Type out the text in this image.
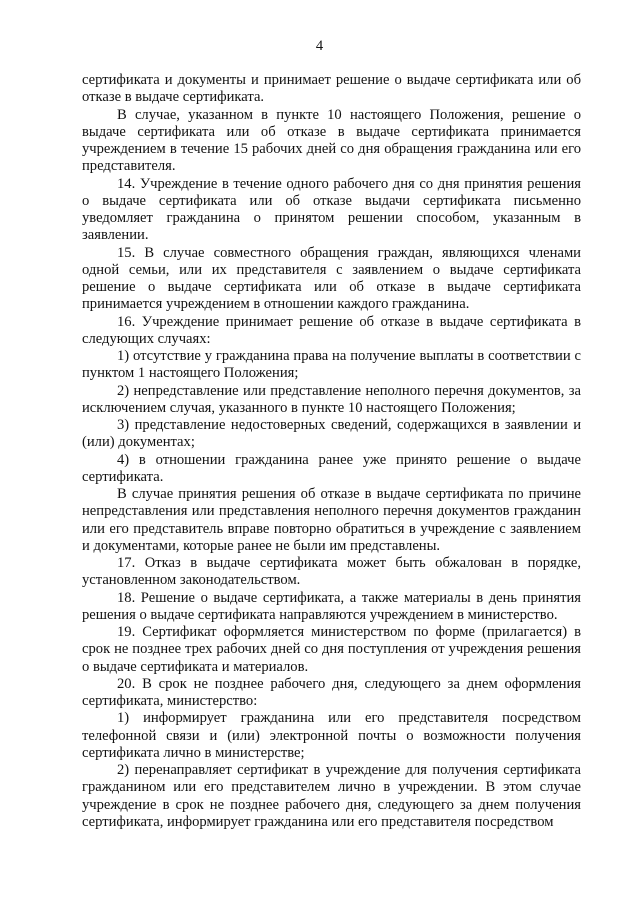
4

сертификата и документы и принимает решение о выдаче сертификата или об отказе в выдаче сертификата.

В случае, указанном в пункте 10 настоящего Положения, решение о выдаче сертификата или об отказе в выдаче сертификата принимается учреждением в течение 15 рабочих дней со дня обращения гражданина или его представителя.

14. Учреждение в течение одного рабочего дня со дня принятия решения о выдаче сертификата или об отказе выдачи сертификата письменно уведомляет гражданина о принятом решении способом, указанным в заявлении.

15. В случае совместного обращения граждан, являющихся членами одной семьи, или их представителя с заявлением о выдаче сертификата решение о выдаче сертификата или об отказе в выдаче сертификата принимается учреждением в отношении каждого гражданина.

16. Учреждение принимает решение об отказе в выдаче сертификата в следующих случаях:

1) отсутствие у гражданина права на получение выплаты в соответствии с пунктом 1 настоящего Положения;

2) непредставление или представление неполного перечня документов, за исключением случая, указанного в пункте 10 настоящего Положения;

3) представление недостоверных сведений, содержащихся в заявлении и (или) документах;

4) в отношении гражданина ранее уже принято решение о выдаче сертификата.

В случае принятия решения об отказе в выдаче сертификата по причине непредставления или представления неполного перечня документов гражданин или его представитель вправе повторно обратиться в учреждение с заявлением и документами, которые ранее не были им представлены.

17. Отказ в выдаче сертификата может быть обжалован в порядке, установленном законодательством.

18. Решение о выдаче сертификата, а также материалы в день принятия решения о выдаче сертификата направляются учреждением в министерство.

19. Сертификат оформляется министерством по форме (прилагается) в срок не позднее трех рабочих дней со дня поступления от учреждения решения о выдаче сертификата и материалов.

20. В срок не позднее рабочего дня, следующего за днем оформления сертификата, министерство:

1) информирует гражданина или его представителя посредством телефонной связи и (или) электронной почты о возможности получения сертификата лично в министерстве;

2) перенаправляет сертификат в учреждение для получения сертификата гражданином или его представителем лично в учреждении. В этом случае учреждение в срок не позднее рабочего дня, следующего за днем получения сертификата, информирует гражданина или его представителя посредством
